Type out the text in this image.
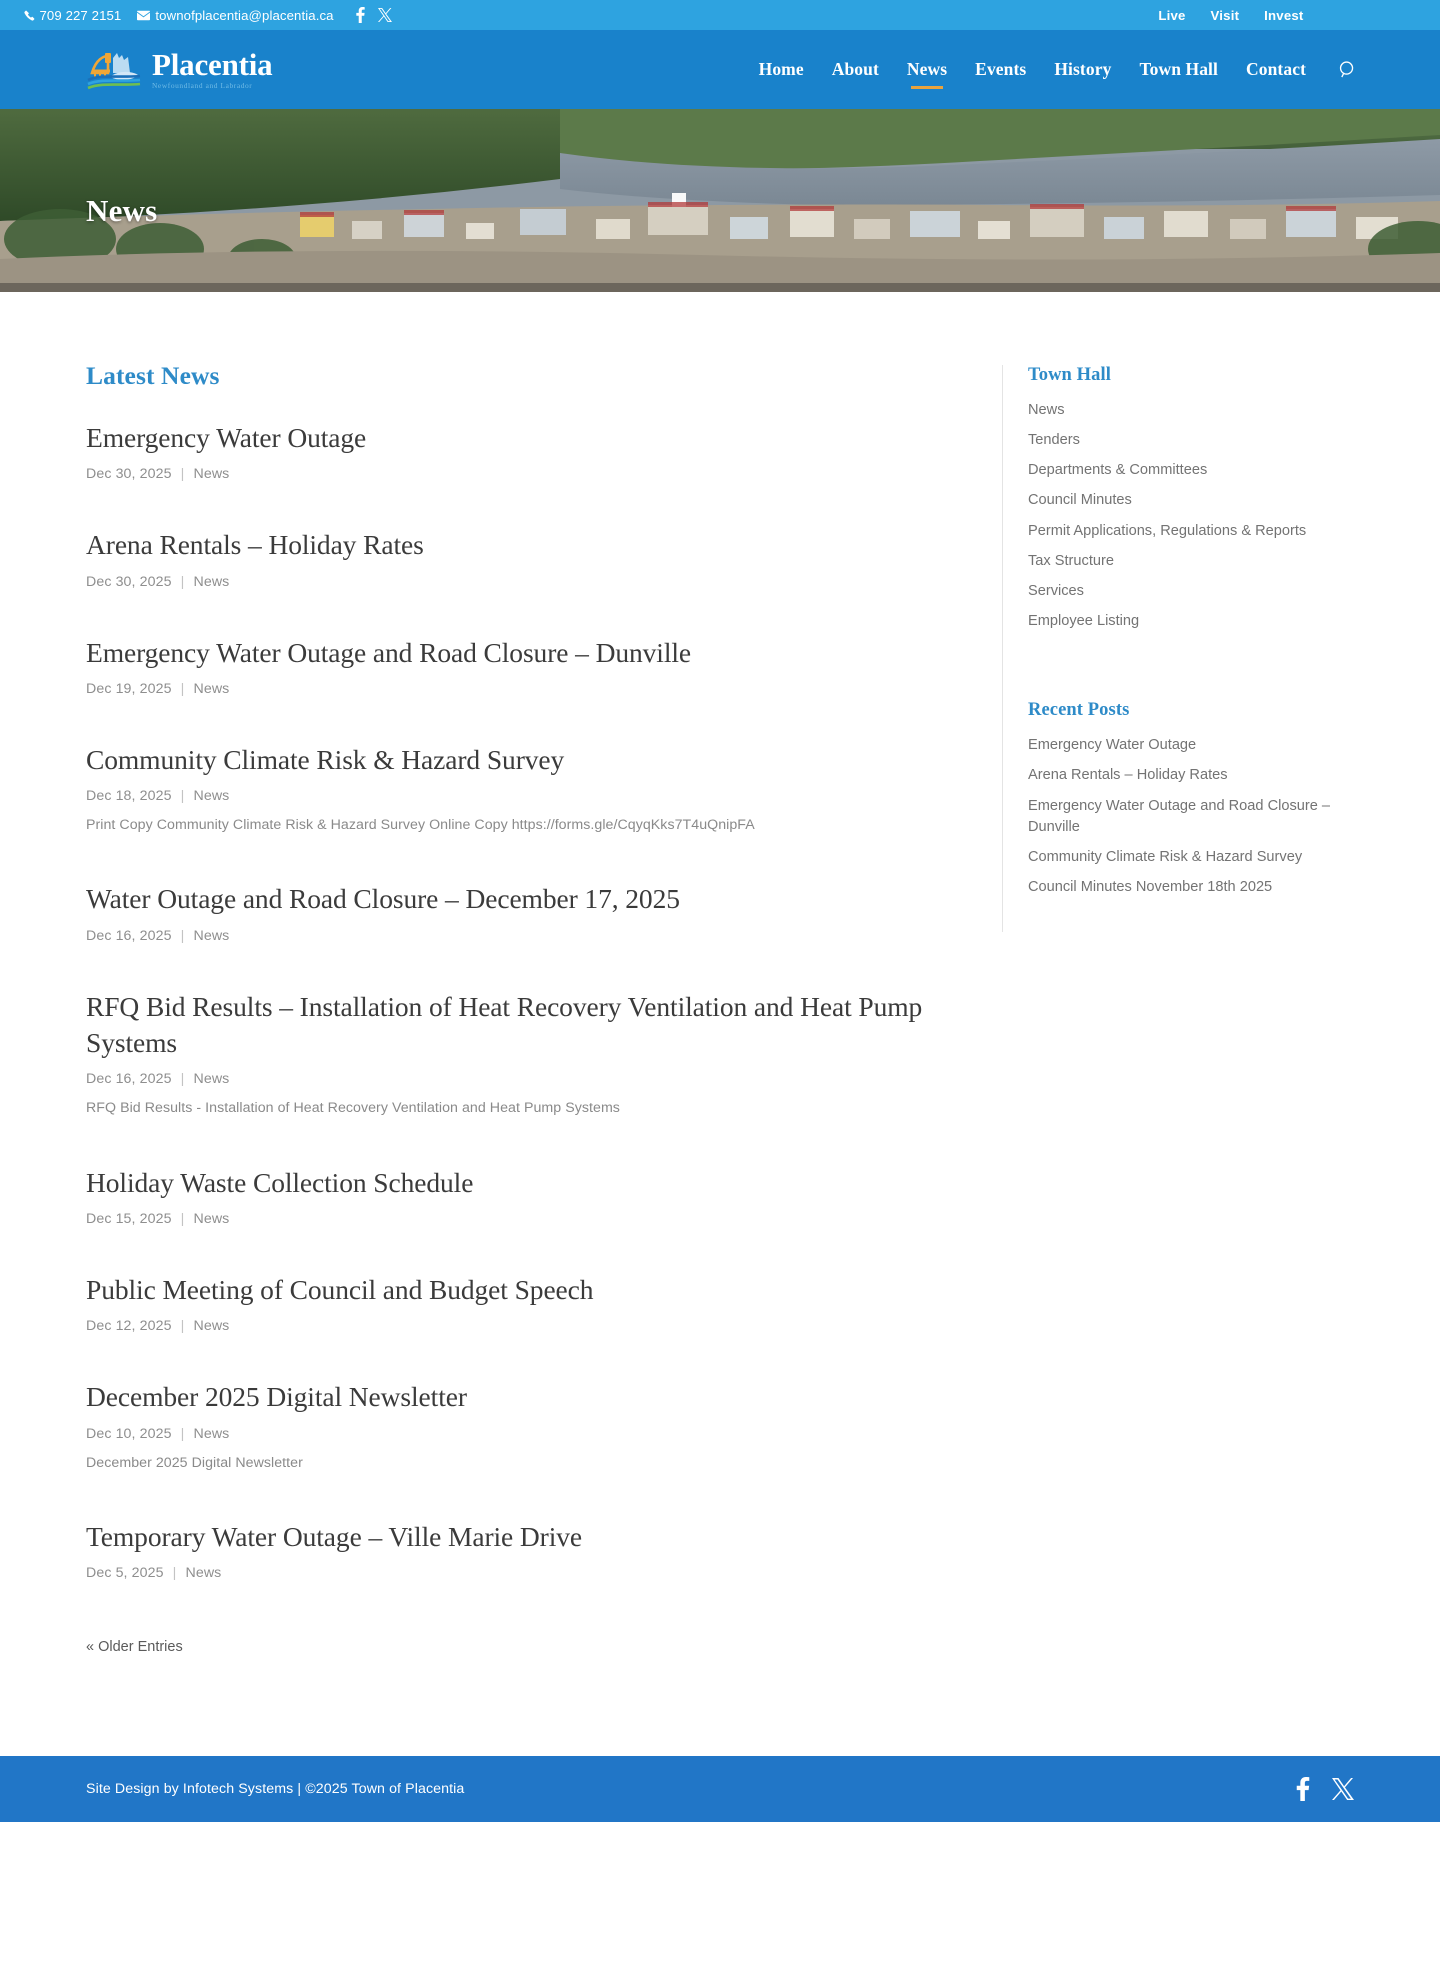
709 227 2151	townofplacentia@placentia.ca	Live Visit Invest
Placentia
Newfoundland and Labrador
Home	About	News	Events	History	Town Hall	Contact
News
Latest News
Emergency Water Outage
Dec 30, 2025 | News
Arena Rentals – Holiday Rates
Dec 30, 2025 | News
Emergency Water Outage and Road Closure – Dunville
Dec 19, 2025 | News
Community Climate Risk & Hazard Survey
Dec 18, 2025 | News

Print Copy Community Climate Risk & Hazard Survey Online Copy https://forms.gle/CqyqKks7T4uQnipFA

Water Outage and Road Closure – December 17, 2025
Dec 16, 2025 | News
RFQ Bid Results – Installation of Heat Recovery Ventilation and Heat Pump Systems
Dec 16, 2025 | News

RFQ Bid Results - Installation of Heat Recovery Ventilation and Heat Pump Systems

Holiday Waste Collection Schedule
Dec 15, 2025 | News
Public Meeting of Council and Budget Speech
Dec 12, 2025 | News
December 2025 Digital Newsletter
Dec 10, 2025 | News

December 2025 Digital Newsletter

Temporary Water Outage – Ville Marie Drive
Dec 5, 2025 | News
« Older Entries
Town Hall
News
Tenders
Departments & Committees
Council Minutes
Permit Applications, Regulations & Reports
Tax Structure
Services
Employee Listing
Recent Posts
Emergency Water Outage
Arena Rentals – Holiday Rates
Emergency Water Outage and Road Closure – Dunville
Community Climate Risk & Hazard Survey
Council Minutes November 18th 2025
Site Design by Infotech Systems | ©2025 Town of Placentia
